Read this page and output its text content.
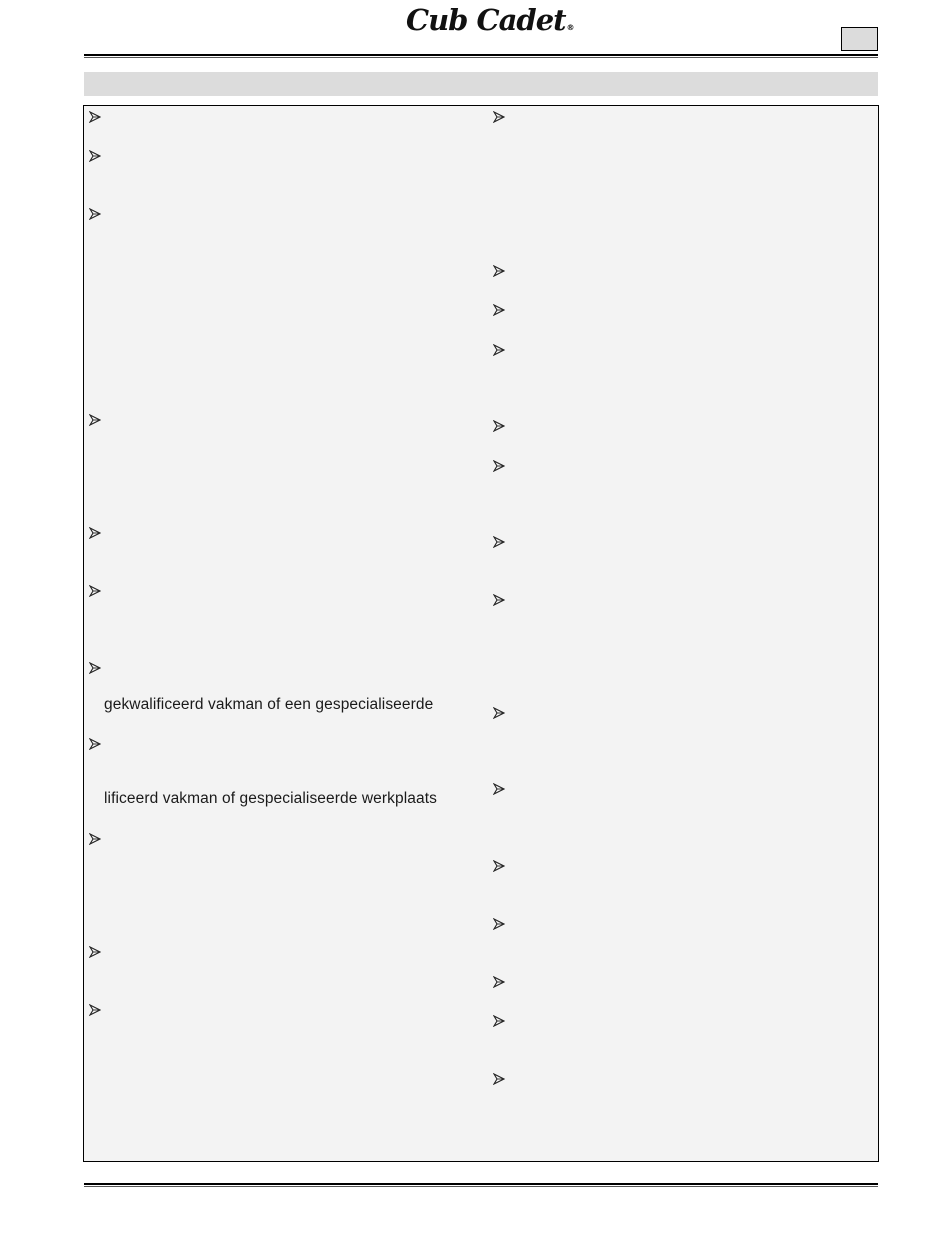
Cub Cadet®
gekwalificeerd vakman of een gespecialiseerde
lificeerd vakman of gespecialiseerde werkplaats
